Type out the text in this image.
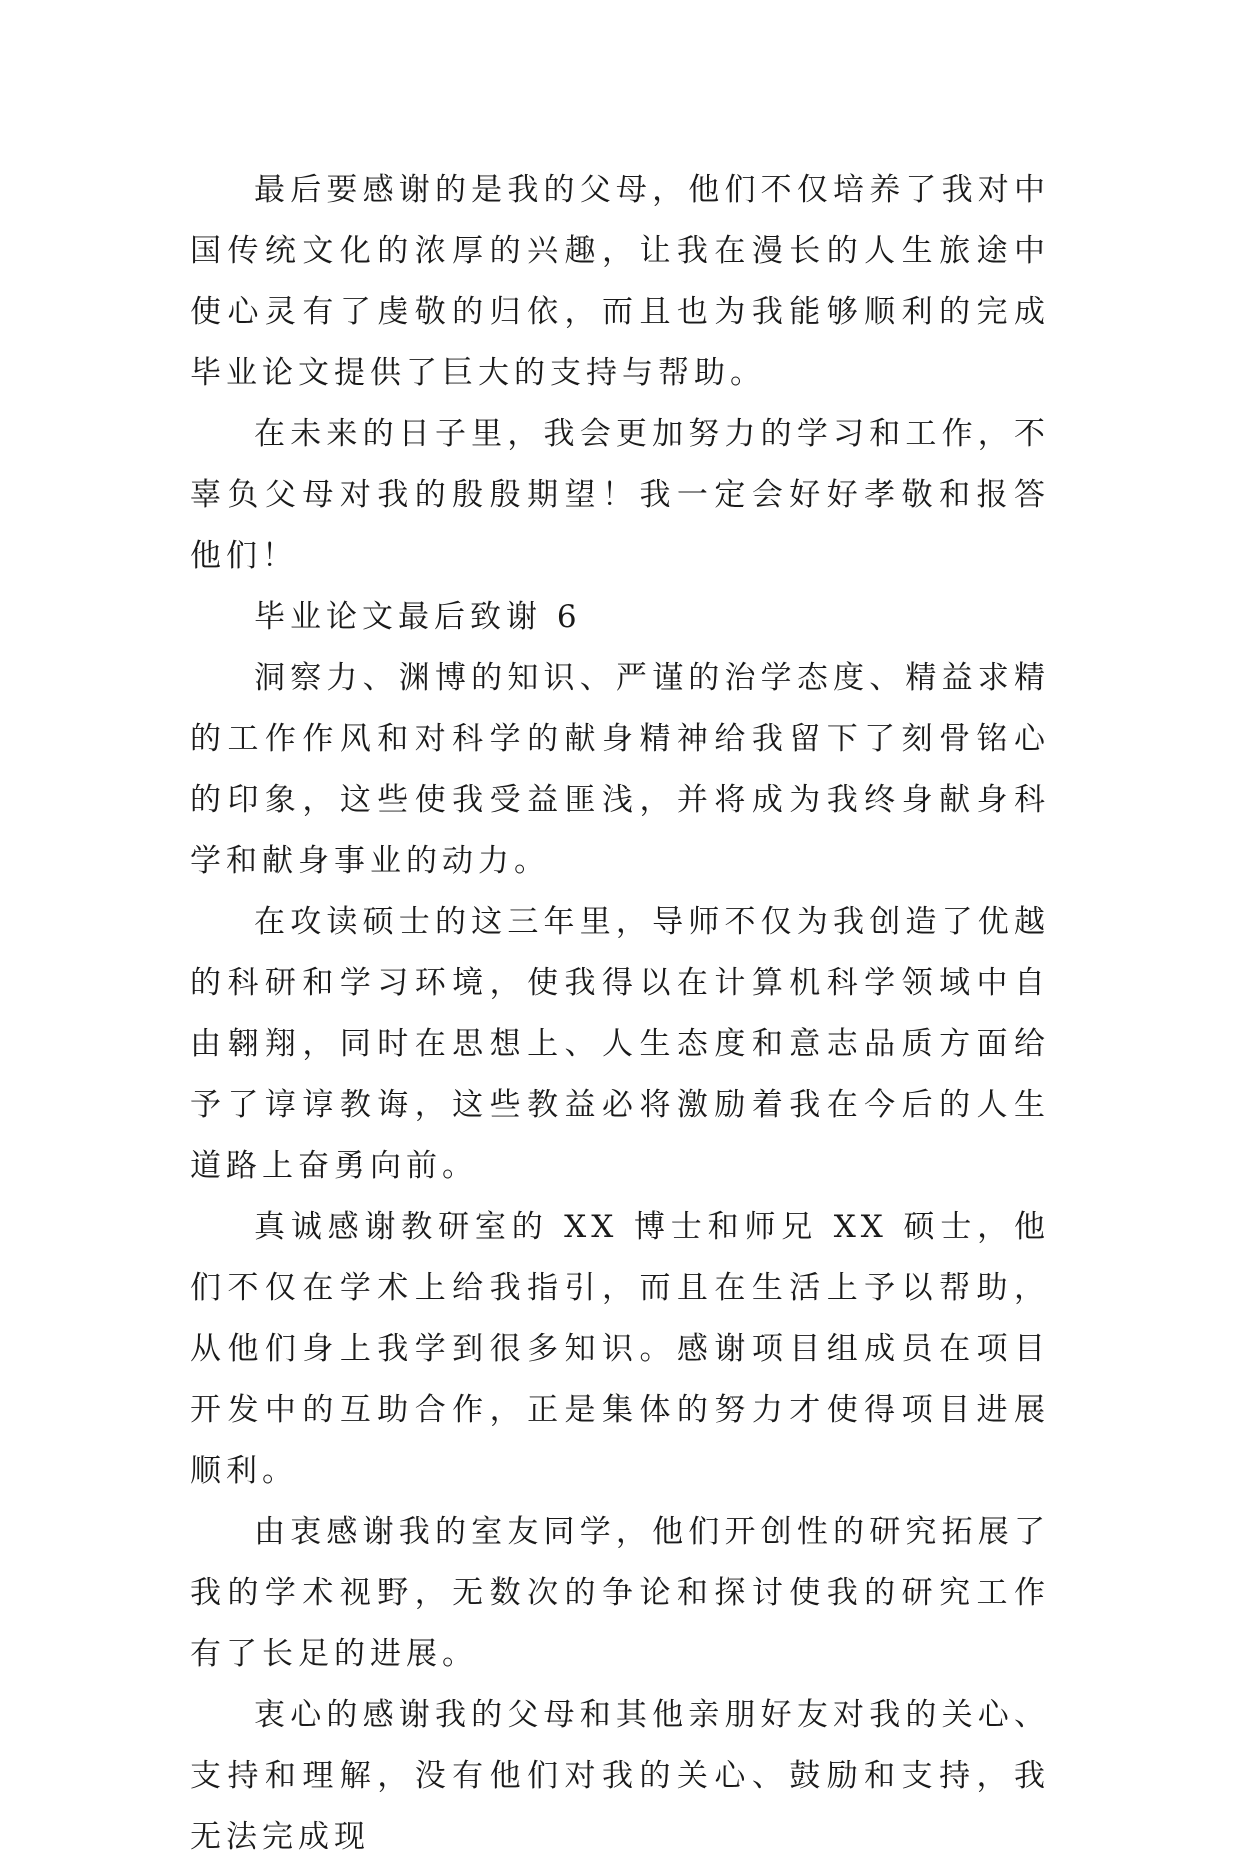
最后要感谢的是我的父母，他们不仅培养了我对中国传统文化的浓厚的兴趣，让我在漫长的人生旅途中使心灵有了虔敬的归依，而且也为我能够顺利的完成毕业论文提供了巨大的支持与帮助。

在未来的日子里，我会更加努力的学习和工作，不辜负父母对我的殷殷期望！我一定会好好孝敬和报答他们！

毕业论文最后致谢 6

洞察力、渊博的知识、严谨的治学态度、精益求精的工作作风和对科学的献身精神给我留下了刻骨铭心的印象，这些使我受益匪浅，并将成为我终身献身科学和献身事业的动力。

在攻读硕士的这三年里，导师不仅为我创造了优越的科研和学习环境，使我得以在计算机科学领域中自由翱翔，同时在思想上、人生态度和意志品质方面给予了谆谆教诲，这些教益必将激励着我在今后的人生道路上奋勇向前。

真诚感谢教研室的 XX 博士和师兄 XX 硕士，他们不仅在学术上给我指引，而且在生活上予以帮助，从他们身上我学到很多知识。感谢项目组成员在项目开发中的互助合作，正是集体的努力才使得项目进展顺利。

由衷感谢我的室友同学，他们开创性的研究拓展了我的学术视野，无数次的争论和探讨使我的研究工作有了长足的进展。

衷心的感谢我的父母和其他亲朋好友对我的关心、支持和理解，没有他们对我的关心、鼓励和支持，我无法完成现
